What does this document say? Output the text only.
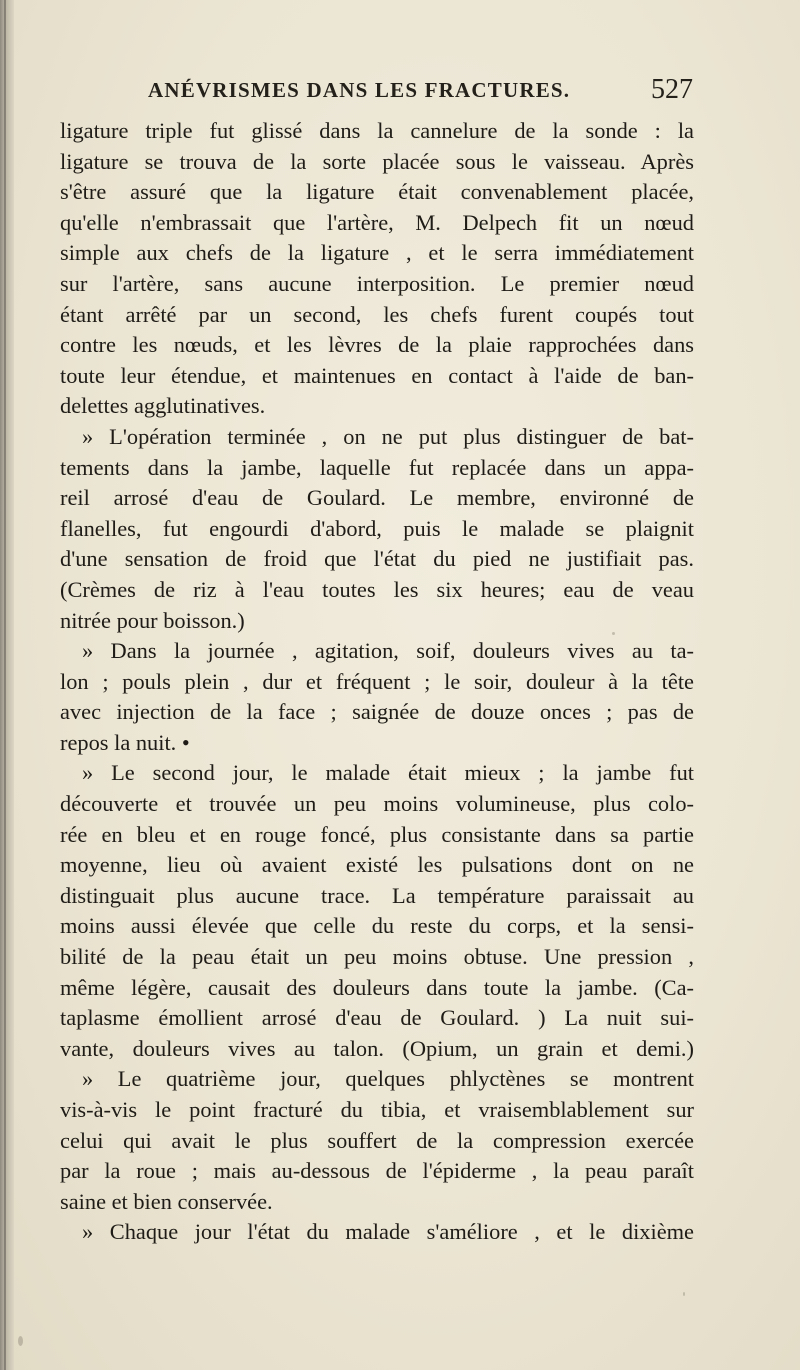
ANÉVRISMES DANS LES FRACTURES.	527
ligature triple fut glissé dans la cannelure de la sonde : la
ligature se trouva de la sorte placée sous le vaisseau. Après
s'être assuré que la ligature était convenablement placée,
qu'elle n'embrassait que l'artère, M. Delpech fit un nœud
simple aux chefs de la ligature , et le serra immédiatement
sur l'artère, sans aucune interposition. Le premier nœud
étant arrêté par un second, les chefs furent coupés tout
contre les nœuds, et les lèvres de la plaie rapprochées dans
toute leur étendue, et maintenues en contact à l'aide de ban-
delettes agglutinatives.
» L'opération terminée , on ne put plus distinguer de bat-
tements dans la jambe, laquelle fut replacée dans un appa-
reil arrosé d'eau de Goulard. Le membre, environné de
flanelles, fut engourdi d'abord, puis le malade se plaignit
d'une sensation de froid que l'état du pied ne justifiait pas.
(Crèmes de riz à l'eau toutes les six heures; eau de veau
nitrée pour boisson.)
» Dans la journée , agitation, soif, douleurs vives au ta-
lon ; pouls plein , dur et fréquent ; le soir, douleur à la tête
avec injection de la face ; saignée de douze onces ; pas de
repos la nuit. •
» Le second jour, le malade était mieux ; la jambe fut
découverte et trouvée un peu moins volumineuse, plus colo-
rée en bleu et en rouge foncé, plus consistante dans sa partie
moyenne, lieu où avaient existé les pulsations dont on ne
distinguait plus aucune trace. La température paraissait au
moins aussi élevée que celle du reste du corps, et la sensi-
bilité de la peau était un peu moins obtuse. Une pression ,
même légère, causait des douleurs dans toute la jambe. (Ca-
taplasme émollient arrosé d'eau de Goulard. ) La nuit sui-
vante, douleurs vives au talon. (Opium, un grain et demi.)
» Le quatrième jour, quelques phlyctènes se montrent
vis-à-vis le point fracturé du tibia, et vraisemblablement sur
celui qui avait le plus souffert de la compression exercée
par la roue ; mais au-dessous de l'épiderme , la peau paraît
saine et bien conservée.
» Chaque jour l'état du malade s'améliore , et le dixième
